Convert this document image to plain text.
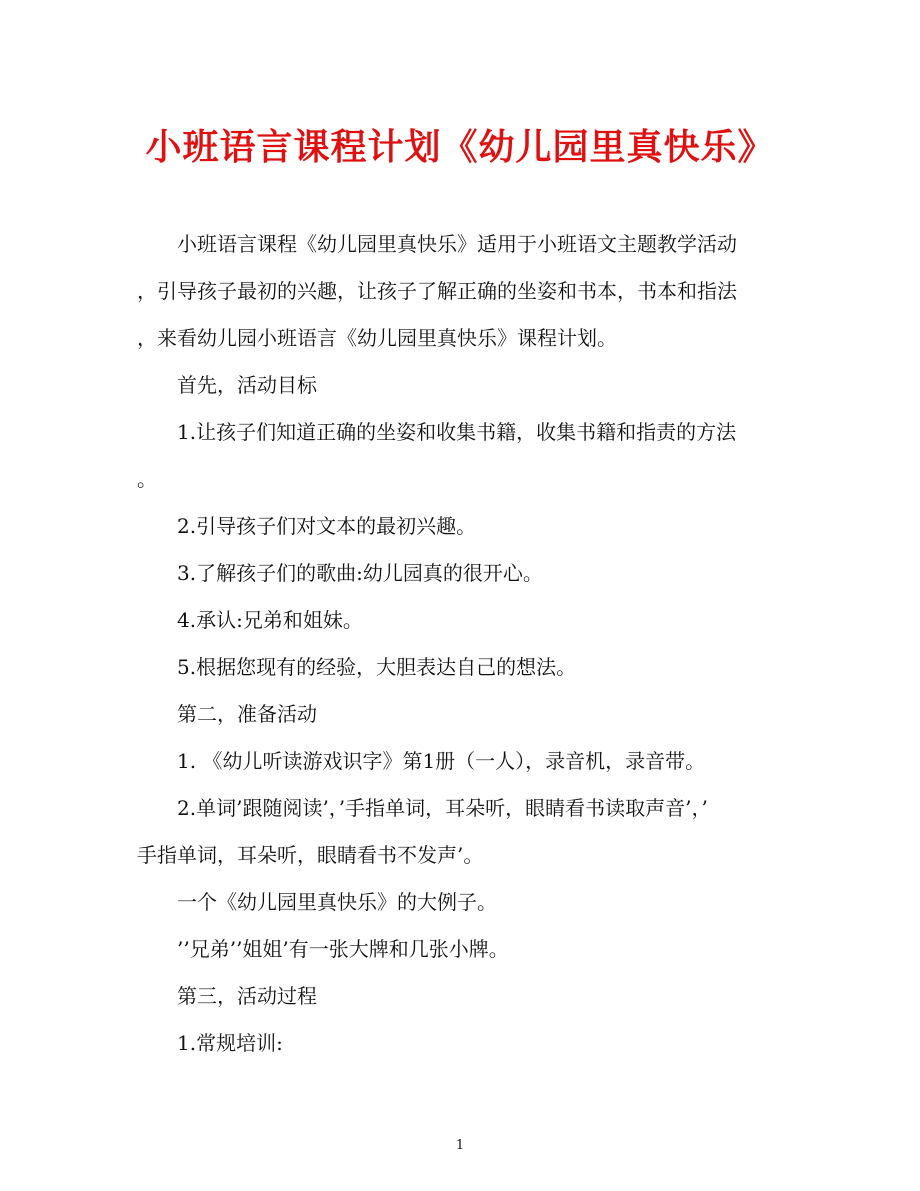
小班语言课程计划《幼儿园里真快乐》
小班语言课程《幼儿园里真快乐》适用于小班语文主题教学活动
，引导孩子最初的兴趣，让孩子了解正确的坐姿和书本，书本和指法
，来看幼儿园小班语言《幼儿园里真快乐》课程计划。
首先，活动目标
1.让孩子们知道正确的坐姿和收集书籍，收集书籍和指责的方法
。
2.引导孩子们对文本的最初兴趣。
3.了解孩子们的歌曲:幼儿园真的很开心。
4.承认:兄弟和姐妹。
5.根据您现有的经验，大胆表达自己的想法。
第二，准备活动
1. 《幼儿听读游戏识字》第1册（一人），录音机，录音带。
2.单词’跟随阅读’，’手指单词，耳朵听，眼睛看书读取声音’，’
手指单词，耳朵听，眼睛看书不发声’。
一个《幼儿园里真快乐》的大例子。
’’兄弟’’姐姐’有一张大牌和几张小牌。
第三，活动过程
1.常规培训:
1
